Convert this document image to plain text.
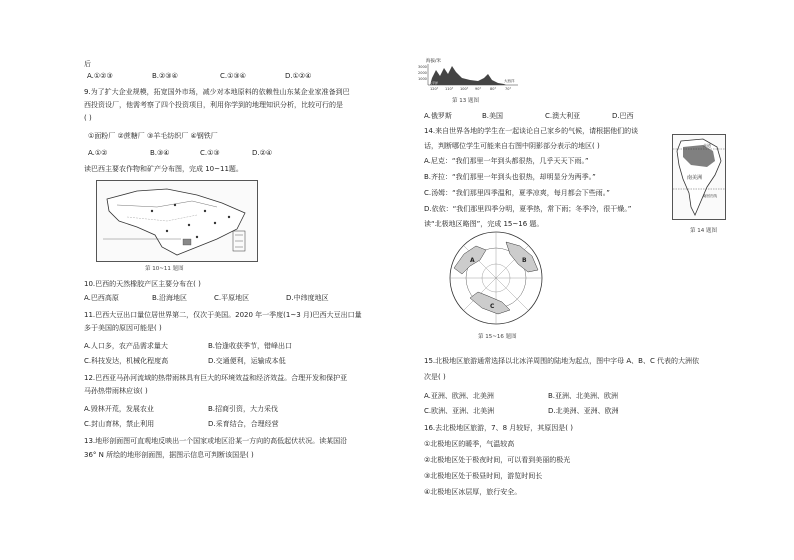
后
A.①②③	B.②③④	C.①③④	D.①②④
9.为了扩大企业规模，拓宽国外市场，减少对本地原料的依赖性山东某企业家准备到巴
西投资设厂，他需考察了四个投资项目，利用你学到的地理知识分析，比较可行的是
( )
①面粉厂 ②蔗糖厂 ③羊毛纺织厂 ④钢铁厂
A.①②	B.③④	C.①③	D.②④
读巴西主要农作物和矿产分布图，完成 10~11题。
第 10~11 题图
10.巴西的天然橡胶产区主要分布在( )
A.巴西高原	B.沿海地区	C.平原地区	D.中纬度地区
11.巴西大豆出口量位居世界第二，仅次于美国。2020 年一季度(1~3 月)巴西大豆出口量
多于美国的原因可能是( )
A.人口多，农产品需求量大	B.恰逢收获季节，错峰出口
C.科技发达，机械化程度高	D.交通便利，运输成本低
12.巴西亚马孙河流域的热带雨林具有巨大的环境效益和经济效益。合理开发和保护亚
马孙热带雨林应该( )
A.毁林开荒，发展农业	B.招商引资，大力采伐
C.封山育林，禁止利用	D.采育结合，合理经营
13.地形剖面图可直观地反映出一个国家或地区沿某一方向的高低起伏状况。读某国沿
36° N 所绘的地形剖面图，据图示信息可判断该国是( )
海拔/米
3000
2000
1000
太平洋	大西洋
120° 110° 100° 90°	80°	70°
第 13 题图
A.俄罗斯	B.美国	C.澳大利亚	D.巴西
14.来自世界各地的学生在一起谈论自己家乡的气候，请根据他们的谈
话，判断哪位学生可能来自右图中阴影部分表示的地区( )
A.尼克：“我们那里一年到头都很热，几乎天天下雨。”
B.齐拉：“我们那里一年到头也很热，却明显分为两季。”
C.汤姆：“我们那里四季温和，夏季凉爽，每月都会下些雨。”
D.依依：“我们那里四季分明，夏季热，常下雨；冬季冷，很干燥。”
赤道
南美洲
南回归线
第 14 题图
读“北极地区略图”，完成 15~16 题。
A	B
C
第 15~16 题图
15.北极地区旅游通常选择以北冰洋周围的陆地为起点，图中字母 A、B、C 代表的大洲依
次是( )
A.亚洲、欧洲、北美洲	B.亚洲、北美洲、欧洲
C.欧洲、亚洲、北美洲	D.北美洲、亚洲、欧洲
16.去北极地区旅游，7、8 月较好，其原因是( )
①北极地区的暖季，气温较高
②北极地区处于极夜时间，可以看到美丽的极光
③北极地区处于极昼时间，游览时间长
④北极地区冰层厚，旅行安全。
